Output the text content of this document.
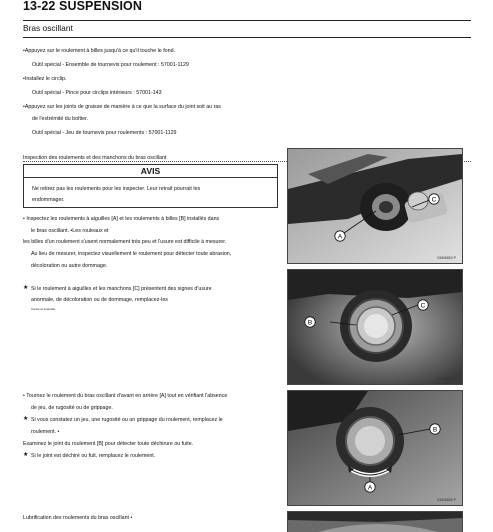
13-22 SUSPENSION
Bras oscillant
•Appuyez sur le roulement à billes jusqu'à ce qu'il touche le fond.
Outil spécial - Ensemble de tournevis pour roulement : 57001-1129
•Installez le circlip.
Outil spécial - Pince pour circlips intérieurs : 57001-143
•Appuyez sur les joints de graisse de manière à ce que la surface du joint soit au ras
de l'extrémité du boîtier.
Outil spécial - Jeu de tournevis pour roulements : 57001-1129
Inspection des roulements et des manchons du bras oscillant
AVIS
Ne retirez pas les roulements pour les inspecter. Leur retrait pourrait les
endommager.
• Inspectez les roulements à aiguilles [A] et les roulements à billes [B] installés dans
le bras oscillant. •Les rouleaux et
les billes d'un roulement s'usent normalement très peu et l'usure est difficile à mesurer.
Au lieu de mesurer, inspectez visuellement le roulement pour détecter toute abrasion,
décoloration ou autre dommage.
★ Si le roulement à aiguilles et les manchons [C] présentent des signes d'usure
anormale, de décoloration ou de dommage, remplacez-les
comme un ensemble.
• Tournez le roulement du bras oscillant d'avant en arrière [A] tout en vérifiant l'absence
de jeu, de rugosité ou de grippage.
★ Si vous constatez un jeu, une rugosité ou un grippage du roulement, remplacez le
roulement. •
Examinez le joint du roulement [B] pour détecter toute déchirure ou fuite.
★ Si le joint est déchiré ou fuit, remplacez le roulement.
Lubrification des roulements du bras oscillant •
A
C
GM06853 P
B
C
GM06854 P
A
B
GM06855 P
